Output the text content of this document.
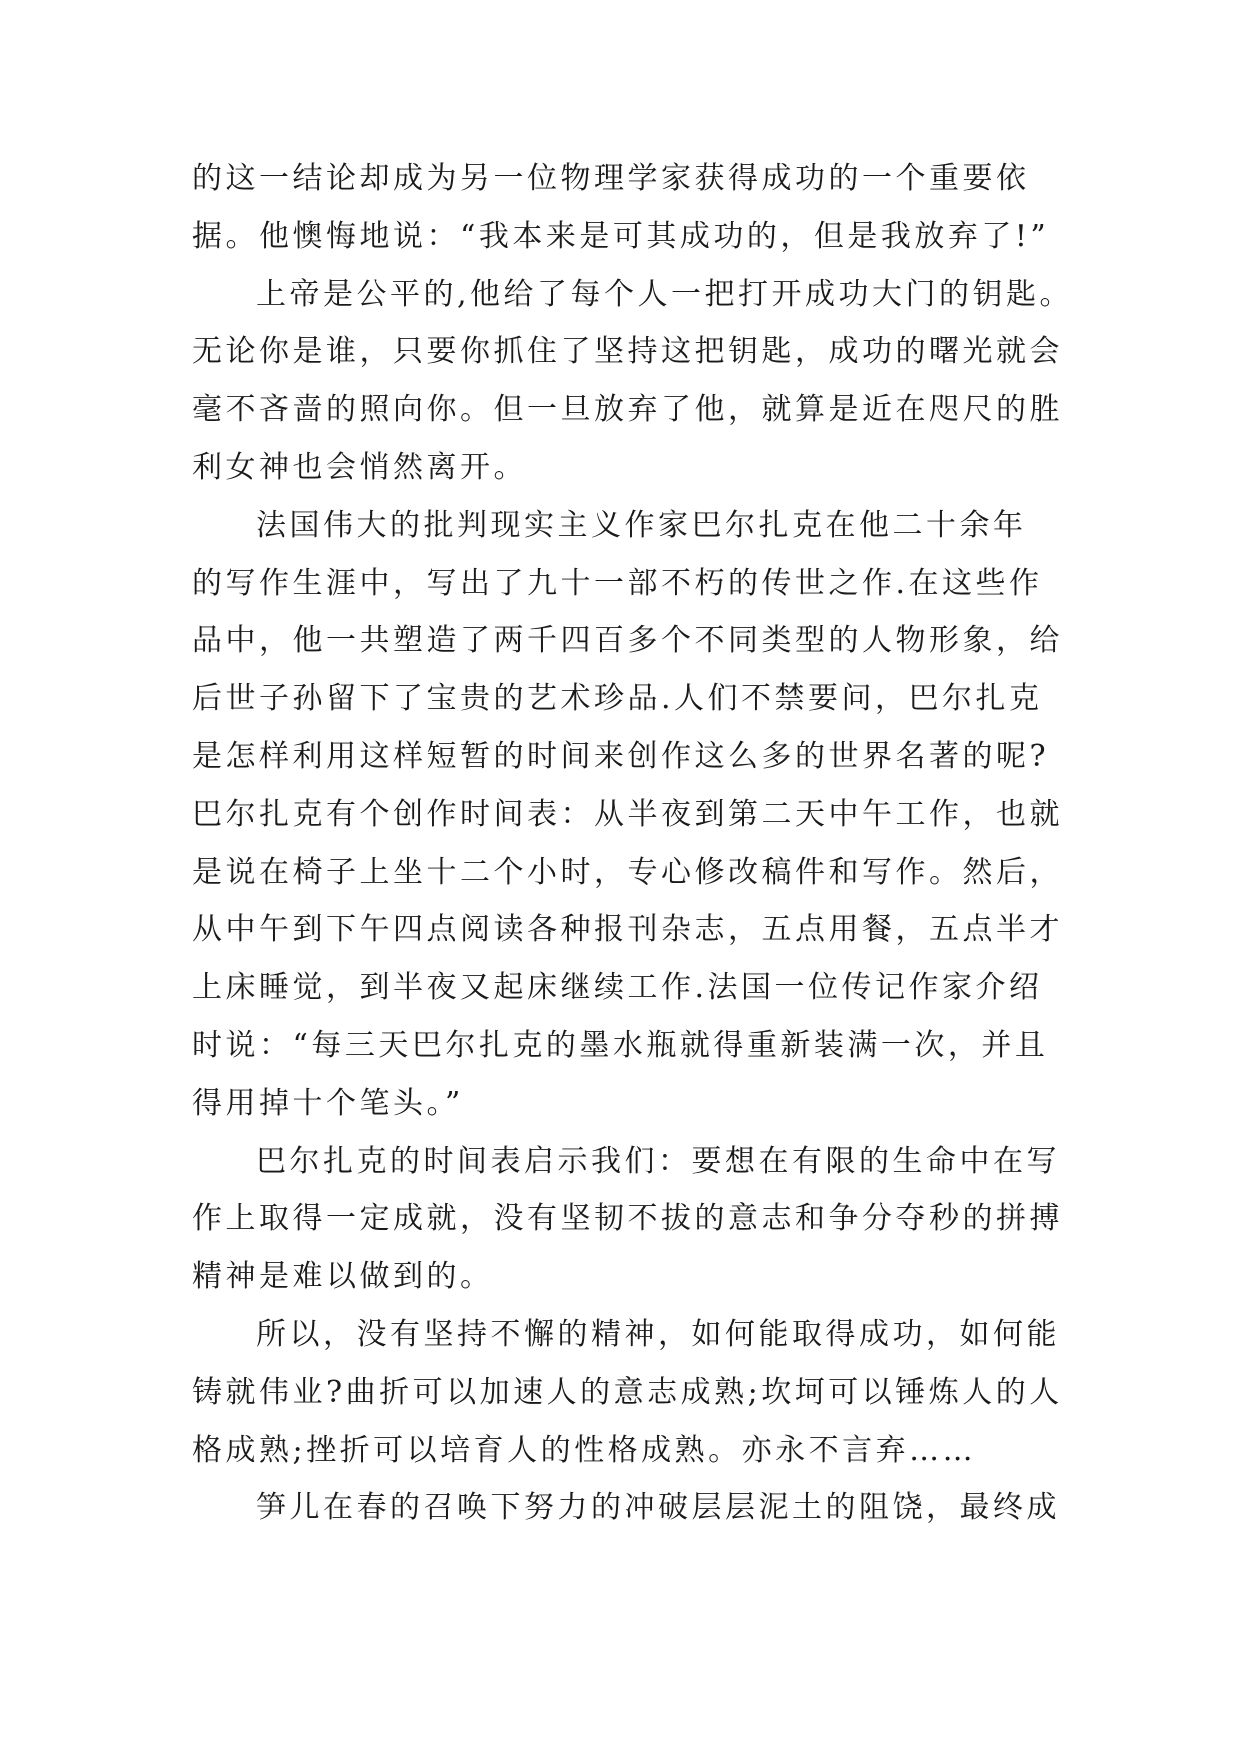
的这一结论却成为另一位物理学家获得成功的一个重要依
据。他懊悔地说：“我本来是可其成功的，但是我放弃了!”
上帝是公平的,他给了每个人一把打开成功大门的钥匙。
无论你是谁，只要你抓住了坚持这把钥匙，成功的曙光就会
毫不吝啬的照向你。但一旦放弃了他，就算是近在咫尺的胜
利女神也会悄然离开。
法国伟大的批判现实主义作家巴尔扎克在他二十余年
的写作生涯中，写出了九十一部不朽的传世之作.在这些作
品中，他一共塑造了两千四百多个不同类型的人物形象，给
后世子孙留下了宝贵的艺术珍品.人们不禁要问，巴尔扎克
是怎样利用这样短暂的时间来创作这么多的世界名著的呢?
巴尔扎克有个创作时间表：从半夜到第二天中午工作，也就
是说在椅子上坐十二个小时，专心修改稿件和写作。然后，
从中午到下午四点阅读各种报刊杂志，五点用餐，五点半才
上床睡觉，到半夜又起床继续工作.法国一位传记作家介绍
时说：“每三天巴尔扎克的墨水瓶就得重新装满一次，并且
得用掉十个笔头。”
巴尔扎克的时间表启示我们：要想在有限的生命中在写
作上取得一定成就，没有坚韧不拔的意志和争分夺秒的拼搏
精神是难以做到的。
所以，没有坚持不懈的精神，如何能取得成功，如何能
铸就伟业?曲折可以加速人的意志成熟;坎坷可以锤炼人的人
格成熟;挫折可以培育人的性格成熟。亦永不言弃……
笋儿在春的召唤下努力的冲破层层泥土的阻饶，最终成
